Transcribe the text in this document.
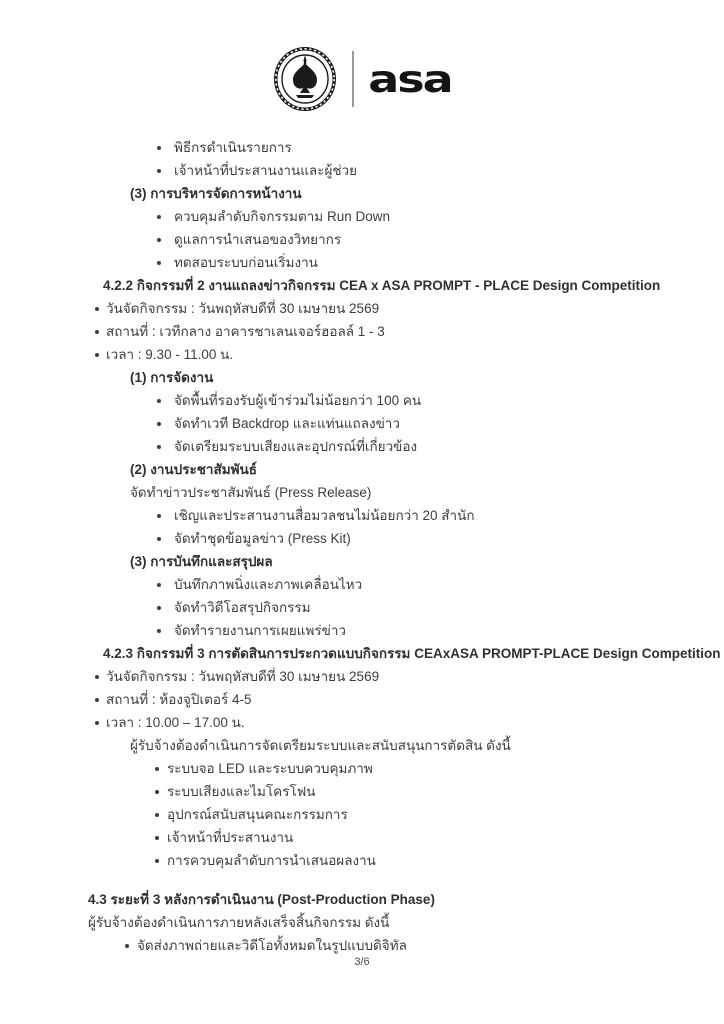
asa
พิธีกรดำเนินรายการ
เจ้าหน้าที่ประสานงานและผู้ช่วย
(3) การบริหารจัดการหน้างาน
ควบคุมลำดับกิจกรรมตาม Run Down
ดูแลการนำเสนอของวิทยากร
ทดสอบระบบก่อนเริ่มงาน
4.2.2 กิจกรรมที่ 2 งานแถลงข่าวกิจกรรม CEA x ASA PROMPT - PLACE Design Competition
วันจัดกิจกรรม : วันพฤหัสบดีที่ 30 เมษายน 2569
สถานที่ : เวทีกลาง อาคารชาเลนเจอร์ฮอลล์ 1 - 3
เวลา : 9.30 - 11.00 น.
(1) การจัดงาน
จัดพื้นที่รองรับผู้เข้าร่วมไม่น้อยกว่า 100 คน
จัดทำเวที Backdrop และแท่นแถลงข่าว
จัดเตรียมระบบเสียงและอุปกรณ์ที่เกี่ยวข้อง
(2) งานประชาสัมพันธ์
จัดทำข่าวประชาสัมพันธ์ (Press Release)
เชิญและประสานงานสื่อมวลชนไม่น้อยกว่า 20 สำนัก
จัดทำชุดข้อมูลข่าว (Press Kit)
(3) การบันทึกและสรุปผล
บันทึกภาพนิ่งและภาพเคลื่อนไหว
จัดทำวิดีโอสรุปกิจกรรม
จัดทำรายงานการเผยแพร่ข่าว
4.2.3 กิจกรรมที่ 3 การตัดสินการประกวดแบบกิจกรรม CEAxASA PROMPT-PLACE Design Competition
วันจัดกิจกรรม : วันพฤหัสบดีที่ 30 เมษายน 2569
สถานที่ : ห้องจูปิเตอร์ 4-5
เวลา : 10.00 – 17.00 น.
ผู้รับจ้างต้องดำเนินการจัดเตรียมระบบและสนับสนุนการตัดสิน ดังนี้
ระบบจอ LED และระบบควบคุมภาพ
ระบบเสียงและไมโครโฟน
อุปกรณ์สนับสนุนคณะกรรมการ
เจ้าหน้าที่ประสานงาน
การควบคุมลำดับการนำเสนอผลงาน
4.3 ระยะที่ 3 หลังการดำเนินงาน (Post-Production Phase)
ผู้รับจ้างต้องดำเนินการภายหลังเสร็จสิ้นกิจกรรม ดังนี้
จัดส่งภาพถ่ายและวิดีโอทั้งหมดในรูปแบบดิจิทัล
3/6
